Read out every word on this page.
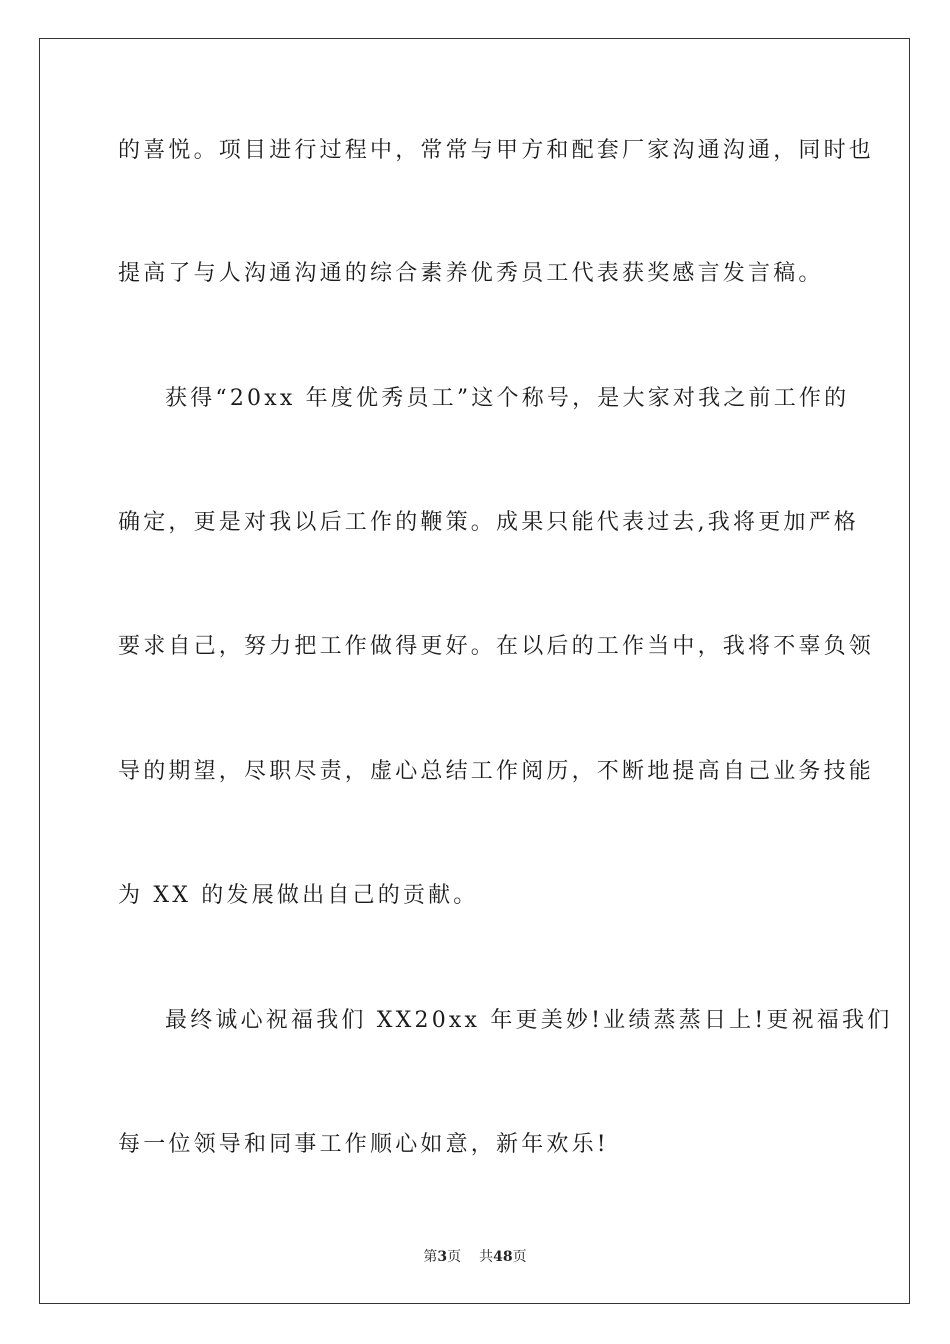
的喜悦。项目进行过程中，常常与甲方和配套厂家沟通沟通，同时也
提高了与人沟通沟通的综合素养优秀员工代表获奖感言发言稿。
获得“20xx 年度优秀员工”这个称号，是大家对我之前工作的
确定，更是对我以后工作的鞭策。成果只能代表过去,我将更加严格
要求自己，努力把工作做得更好。在以后的工作当中，我将不辜负领
导的期望，尽职尽责，虚心总结工作阅历，不断地提高自己业务技能
为 XX 的发展做出自己的贡献。
最终诚心祝福我们 XX20xx 年更美妙!业绩蒸蒸日上!更祝福我们
每一位领导和同事工作顺心如意，新年欢乐!
第3页 共48页
